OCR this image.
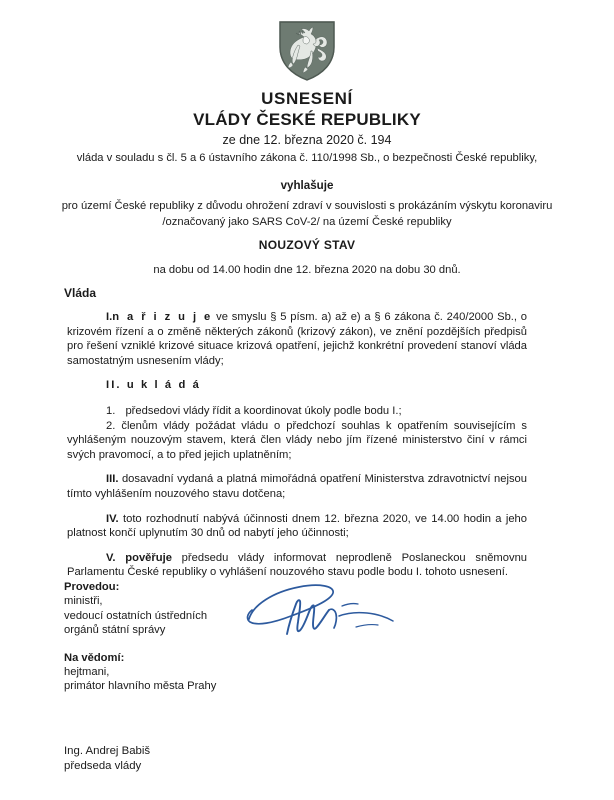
USNESENÍ
VLÁDY ČESKÉ REPUBLIKY
ze dne 12. března 2020 č. 194
vláda v souladu s čl. 5 a 6 ústavního zákona č. 110/1998 Sb., o bezpečnosti České republiky,
vyhlašuje
pro území České republiky z důvodu ohrožení zdraví v souvislosti s prokázáním výskytu koronaviru
/označovaný jako SARS CoV-2/ na území České republiky
NOUZOVÝ STAV
na dobu od 14.00 hodin dne 12. března 2020 na dobu 30 dnů.
Vláda

I.n a ř i z u j e ve smyslu § 5 písm. a) až e) a § 6 zákona č. 240/2000 Sb., o krizovém řízení a o změně některých zákonů (krizový zákon), ve znění pozdějších předpisů pro řešení vzniklé krizové situace krizová opatření, jejichž konkrétní provedení stanoví vláda samostatným usnesením vlády;

II. u k l á d á

1. předsedovi vlády řídit a koordinovat úkoly podle bodu I.;

2. členům vlády požádat vládu o předchozí souhlas k opatřením souvisejícím s vyhlášeným nouzovým stavem, která člen vlády nebo jím řízené ministerstvo činí v rámci svých pravomocí, a to před jejich uplatněním;

III. dosavadní vydaná a platná mimořádná opatření Ministerstva zdravotnictví nejsou tímto vyhlášením nouzového stavu dotčena;

IV. toto rozhodnutí nabývá účinnosti dnem 12. března 2020, ve 14.00 hodin a jeho platnost končí uplynutím 30 dnů od nabytí jeho účinnosti;

V. pověřuje předsedu vlády informovat neprodleně Poslaneckou sněmovnu Parlamentu České republiky o vyhlášení nouzového stavu podle bodu I. tohoto usnesení.

Provedou:
ministři,
vedoucí ostatních ústředních
orgánů státní správy
Na vědomí:
hejtmani,
primátor hlavního města Prahy
Ing. Andrej Babiš
předseda vlády
